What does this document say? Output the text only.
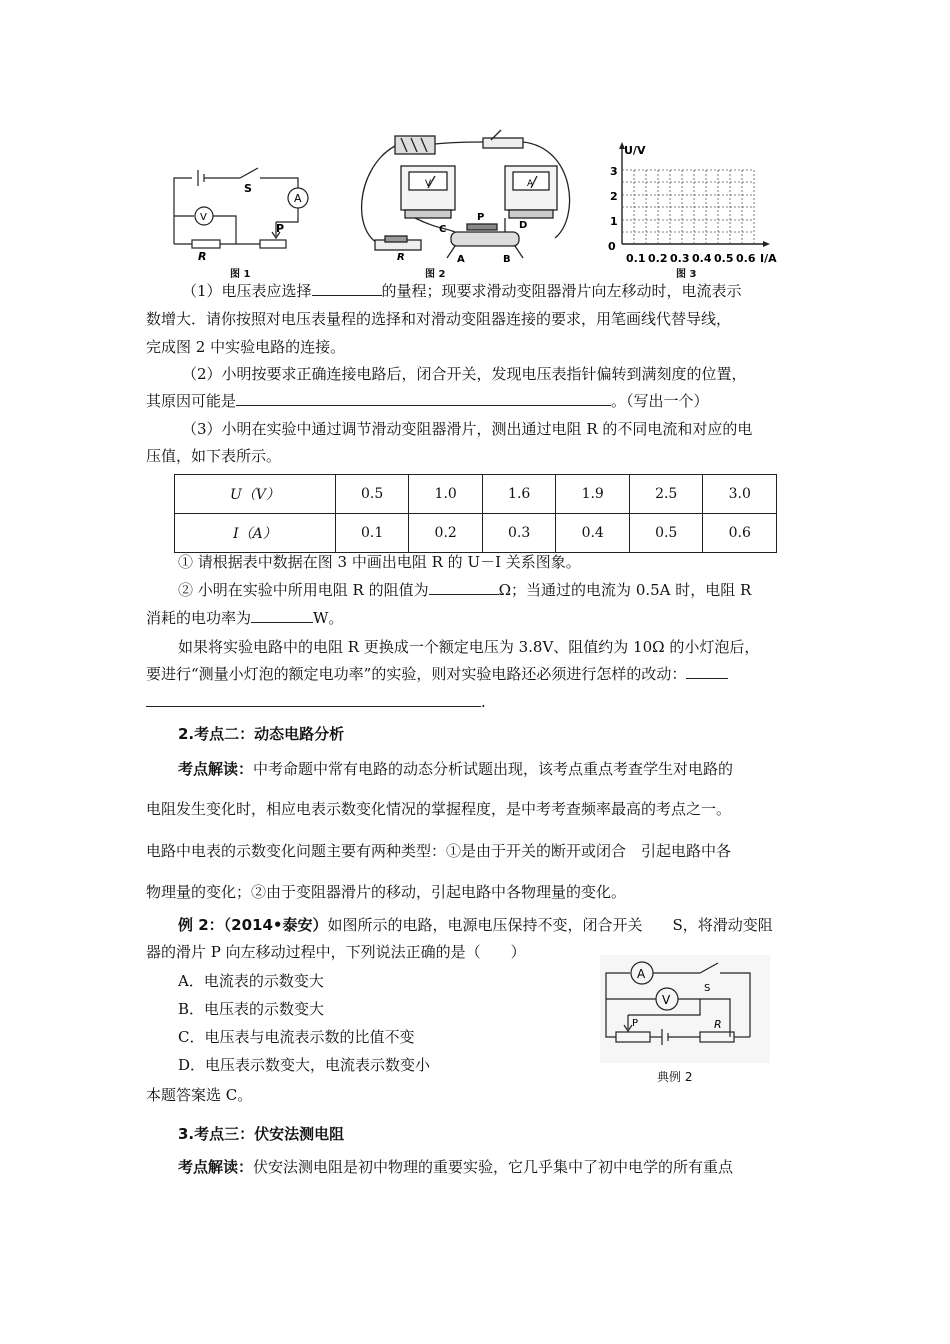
A
V
S
R
P
图 1
V	A
R
P
C
A	B
D
图 2
U/V
I/A
3
2
1
0
0.1 0.2 0.3 0.4 0.5 0.6
图 3
（1）电压表应选择	的量程；现要求滑动变阻器滑片向左移动时，电流表示
数增大．请你按照对电压表量程的选择和对滑动变阻器连接的要求，用笔画线代替导线，
完成图 2 中实验电路的连接。
（2）小明按要求正确连接电路后，闭合开关，发现电压表指针偏转到满刻度的位置，
其原因可能是	。（写出一个）
（3）小明在实验中通过调节滑动变阻器滑片，测出通过电阻 R 的不同电流和对应的电
压值，如下表所示。
U（V）	0.5	1.0	1.6	1.9	2.5	3.0
I（A）	0.1	0.2	0.3	0.4	0.5	0.6
① 请根据表中数据在图 3 中画出电阻 R 的 U－I 关系图象。
② 小明在实验中所用电阻 R 的阻值为	Ω；当通过的电流为 0.5A 时，电阻 R
消耗的电功率为	W。
如果将实验电路中的电阻 R 更换成一个额定电压为 3.8V、阻值约为 10Ω 的小灯泡后，
要进行“测量小灯泡的额定电功率”的实验，则对实验电路还必须进行怎样的改动：
.
2.考点二：动态电路分析
考点解读：中考命题中常有电路的动态分析试题出现，该考点重点考查学生对电路的
电阻发生变化时，相应电表示数变化情况的掌握程度，是中考考查频率最高的考点之一。
电路中电表的示数变化问题主要有两种类型：①是由于开关的断开或闭合　引起电路中各
物理量的变化；②由于变阻器滑片的移动，引起电路中各物理量的变化。
例 2：（2014•泰安）如图所示的电路，电源电压保持不变，闭合开关　　S，将滑动变阻
器的滑片 P 向左移动过程中，下列说法正确的是（　　）
A．电流表的示数变大
B．电压表的示数变大
C．电压表与电流表示数的比值不变
D．电压表示数变大，电流表示数变小
本题答案选 C。
A
V
S
P	R
典例 2
3.考点三：伏安法测电阻
考点解读：伏安法测电阻是初中物理的重要实验，它几乎集中了初中电学的所有重点
